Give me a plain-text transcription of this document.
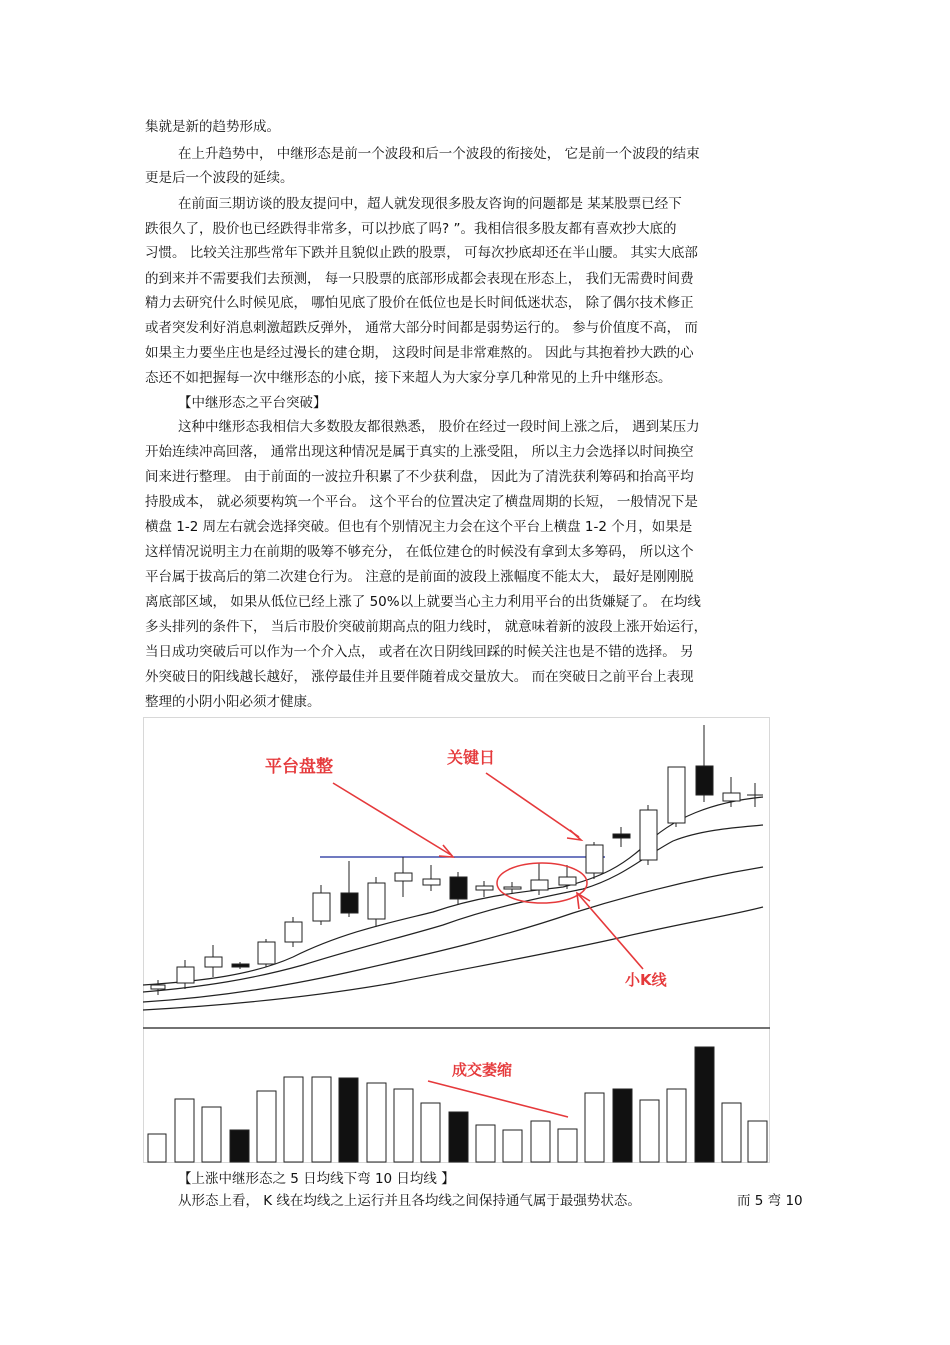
集就是新的趋势形成。
在上升趋势中， 中继形态是前一个波段和后一个波段的衔接处， 它是前一个波段的结束
更是后一个波段的延续。
在前面三期访谈的股友提问中，超人就发现很多股友咨询的问题都是 某某股票已经下
跌很久了，股价也已经跌得非常多，可以抄底了吗? ”。我相信很多股友都有喜欢抄大底的
习惯。 比较关注那些常年下跌并且貌似止跌的股票， 可每次抄底却还在半山腰。 其实大底部
的到来并不需要我们去预测， 每一只股票的底部形成都会表现在形态上， 我们无需费时间费
精力去研究什么时候见底， 哪怕见底了股价在低位也是长时间低迷状态， 除了偶尔技术修正
或者突发利好消息刺激超跌反弹外， 通常大部分时间都是弱势运行的。 参与价值度不高， 而
如果主力要坐庄也是经过漫长的建仓期， 这段时间是非常难熬的。 因此与其抱着抄大跌的心
态还不如把握每一次中继形态的小底，接下来超人为大家分享几种常见的上升中继形态。
【中继形态之平台突破】
这种中继形态我相信大多数股友都很熟悉， 股价在经过一段时间上涨之后， 遇到某压力
开始连续冲高回落， 通常出现这种情况是属于真实的上涨受阻， 所以主力会选择以时间换空
间来进行整理。 由于前面的一波拉升积累了不少获利盘， 因此为了清洗获利筹码和抬高平均
持股成本， 就必须要构筑一个平台。 这个平台的位置决定了横盘周期的长短， 一般情况下是
横盘 1-2 周左右就会选择突破。但也有个别情况主力会在这个平台上横盘 1-2 个月，如果是
这样情况说明主力在前期的吸筹不够充分， 在低位建仓的时候没有拿到太多筹码， 所以这个
平台属于拔高后的第二次建仓行为。 注意的是前面的波段上涨幅度不能太大， 最好是刚刚脱
离底部区域， 如果从低位已经上涨了 50%以上就要当心主力利用平台的出货嫌疑了。 在均线
多头排列的条件下， 当后市股价突破前期高点的阻力线时， 就意味着新的波段上涨开始运行，
当日成功突破后可以作为一个介入点， 或者在次日阴线回踩的时候关注也是不错的选择。 另
外突破日的阳线越长越好， 涨停最佳并且要伴随着成交量放大。 而在突破日之前平台上表现
整理的小阴小阳必须才健康。
平台盘整	关键日
小K线
成交萎缩
【上涨中继形态之 5 日均线下弯 10 日均线 】
从形态上看， K 线在均线之上运行并且各均线之间保持通气属于最强势状态。	而 5 弯 10
